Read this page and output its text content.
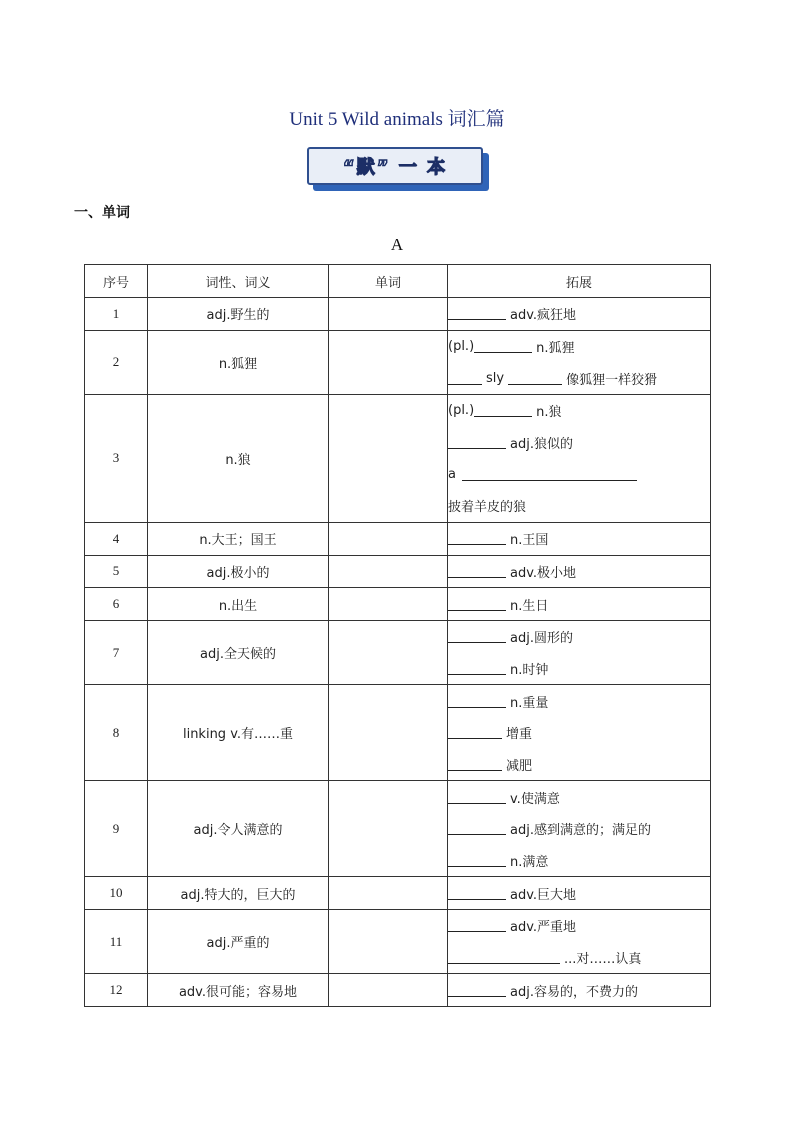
Unit 5 Wild animals 词汇篇
“默” 一 本
一、单词
A
序号	词性、词义	单词	拓展
1	adj.野生的		adv.疯狂地

2	n.狐狸		(pl.) n.狐狸
sly 像狐狸一样狡猾

3	n.狼		(pl.) n.狼
adj.狼似的
a
披着羊皮的狼

4	n.大王；国王		n.王国

5	adj.极小的		adv.极小地

6	n.出生		n.生日

7	adj.全天候的		adj.圆形的
n.时钟

8	linking v.有……重		n.重量
增重
减肥

9	adj.令人满意的		v.使满意
adj.感到满意的；满足的
n.满意

10	adj.特大的，巨大的		adv.巨大地

11	adj.严重的		adv.严重地
...对……认真

12	adv.很可能；容易地		adj.容易的，不费力的
